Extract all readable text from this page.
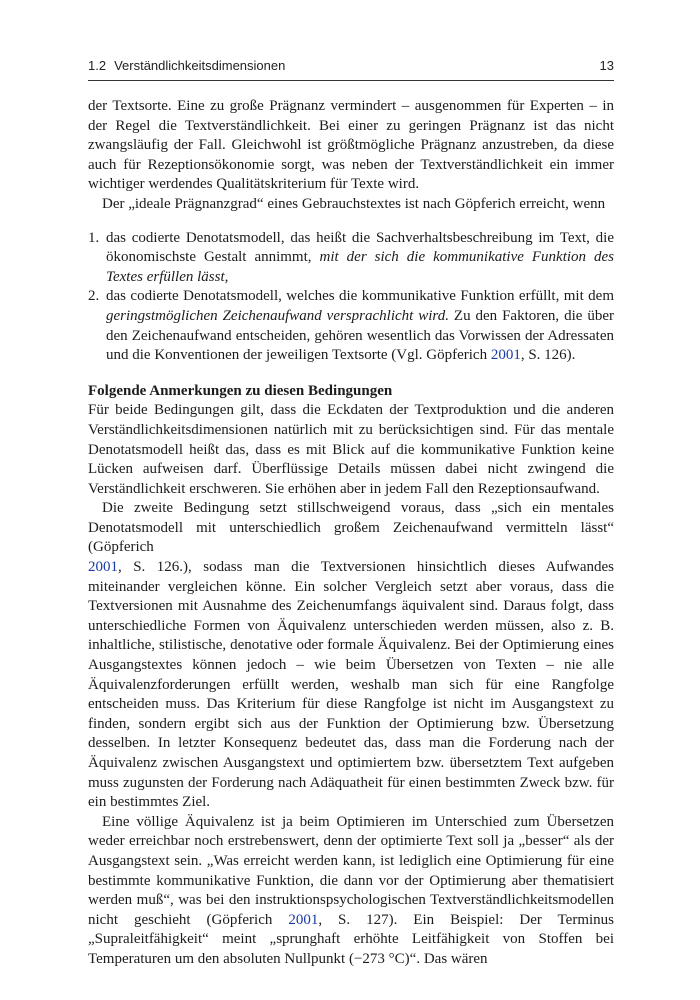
1.2 Verständlichkeitsdimensionen	13

der Textsorte. Eine zu große Prägnanz vermindert – ausgenommen für Experten – in der Regel die Textverständlichkeit. Bei einer zu geringen Prägnanz ist das nicht zwangsläufig der Fall. Gleichwohl ist größtmögliche Prägnanz anzustreben, da diese auch für Rezeptionsökonomie sorgt, was neben der Textverständlichkeit ein immer wichtiger werdendes Qualitätskriterium für Texte wird.

Der „ideale Prägnanzgrad“ eines Gebrauchstextes ist nach Göpferich erreicht, wenn

1. das codierte Denotatsmodell, das heißt die Sachverhaltsbeschreibung im Text, die ökonomischste Gestalt annimmt, mit der sich die kommunikative Funktion des Textes erfüllen lässt,
2. das codierte Denotatsmodell, welches die kommunikative Funktion erfüllt, mit dem geringstmöglichen Zeichenaufwand versprachlicht wird. Zu den Faktoren, die über den Zeichenaufwand entscheiden, gehören wesentlich das Vorwissen der Adressaten und die Konventionen der jeweiligen Textsorte (Vgl. Göpferich 2001, S. 126).

Folgende Anmerkungen zu diesen Bedingungen

Für beide Bedingungen gilt, dass die Eckdaten der Textproduktion und die anderen Verständlichkeitsdimensionen natürlich mit zu berücksichtigen sind. Für das mentale Denotatsmodell heißt das, dass es mit Blick auf die kommunikative Funktion keine Lücken aufweisen darf. Überflüssige Details müssen dabei nicht zwingend die Verständlichkeit erschweren. Sie erhöhen aber in jedem Fall den Rezeptionsaufwand.

Die zweite Bedingung setzt stillschweigend voraus, dass „sich ein mentales Denotatsmodell mit unterschiedlich großem Zeichenaufwand vermitteln lässt“ (Göpferich
2001, S. 126.), sodass man die Textversionen hinsichtlich dieses Aufwandes miteinander vergleichen könne. Ein solcher Vergleich setzt aber voraus, dass die Textversionen mit Ausnahme des Zeichenumfangs äquivalent sind. Daraus folgt, dass unterschiedliche Formen von Äquivalenz unterschieden werden müssen, also z. B. inhaltliche, stilistische, denotative oder formale Äquivalenz. Bei der Optimierung eines Ausgangstextes können jedoch – wie beim Übersetzen von Texten – nie alle Äquivalenzforderungen erfüllt werden, weshalb man sich für eine Rangfolge entscheiden muss. Das Kriterium für diese Rangfolge ist nicht im Ausgangstext zu finden, sondern ergibt sich aus der Funktion der Optimierung bzw. Übersetzung desselben. In letzter Konsequenz bedeutet das, dass man die Forderung nach der Äquivalenz zwischen Ausgangstext und optimiertem bzw. übersetztem Text aufgeben muss zugunsten der Forderung nach Adäquatheit für einen bestimmten Zweck bzw. für ein bestimmtes Ziel.

Eine völlige Äquivalenz ist ja beim Optimieren im Unterschied zum Übersetzen weder erreichbar noch erstrebenswert, denn der optimierte Text soll ja „besser“ als der Ausgangstext sein. „Was erreicht werden kann, ist lediglich eine Optimierung für eine bestimmte kommunikative Funktion, die dann vor der Optimierung aber thematisiert werden muß“, was bei den instruktionspsychologischen Textverständlichkeitsmodellen nicht geschieht (Göpferich 2001, S. 127). Ein Beispiel: Der Terminus „Supraleitfähigkeit“ meint „sprunghaft erhöhte Leitfähigkeit von Stoffen bei Temperaturen um den absoluten Nullpunkt (−273 °C)“. Das wären
